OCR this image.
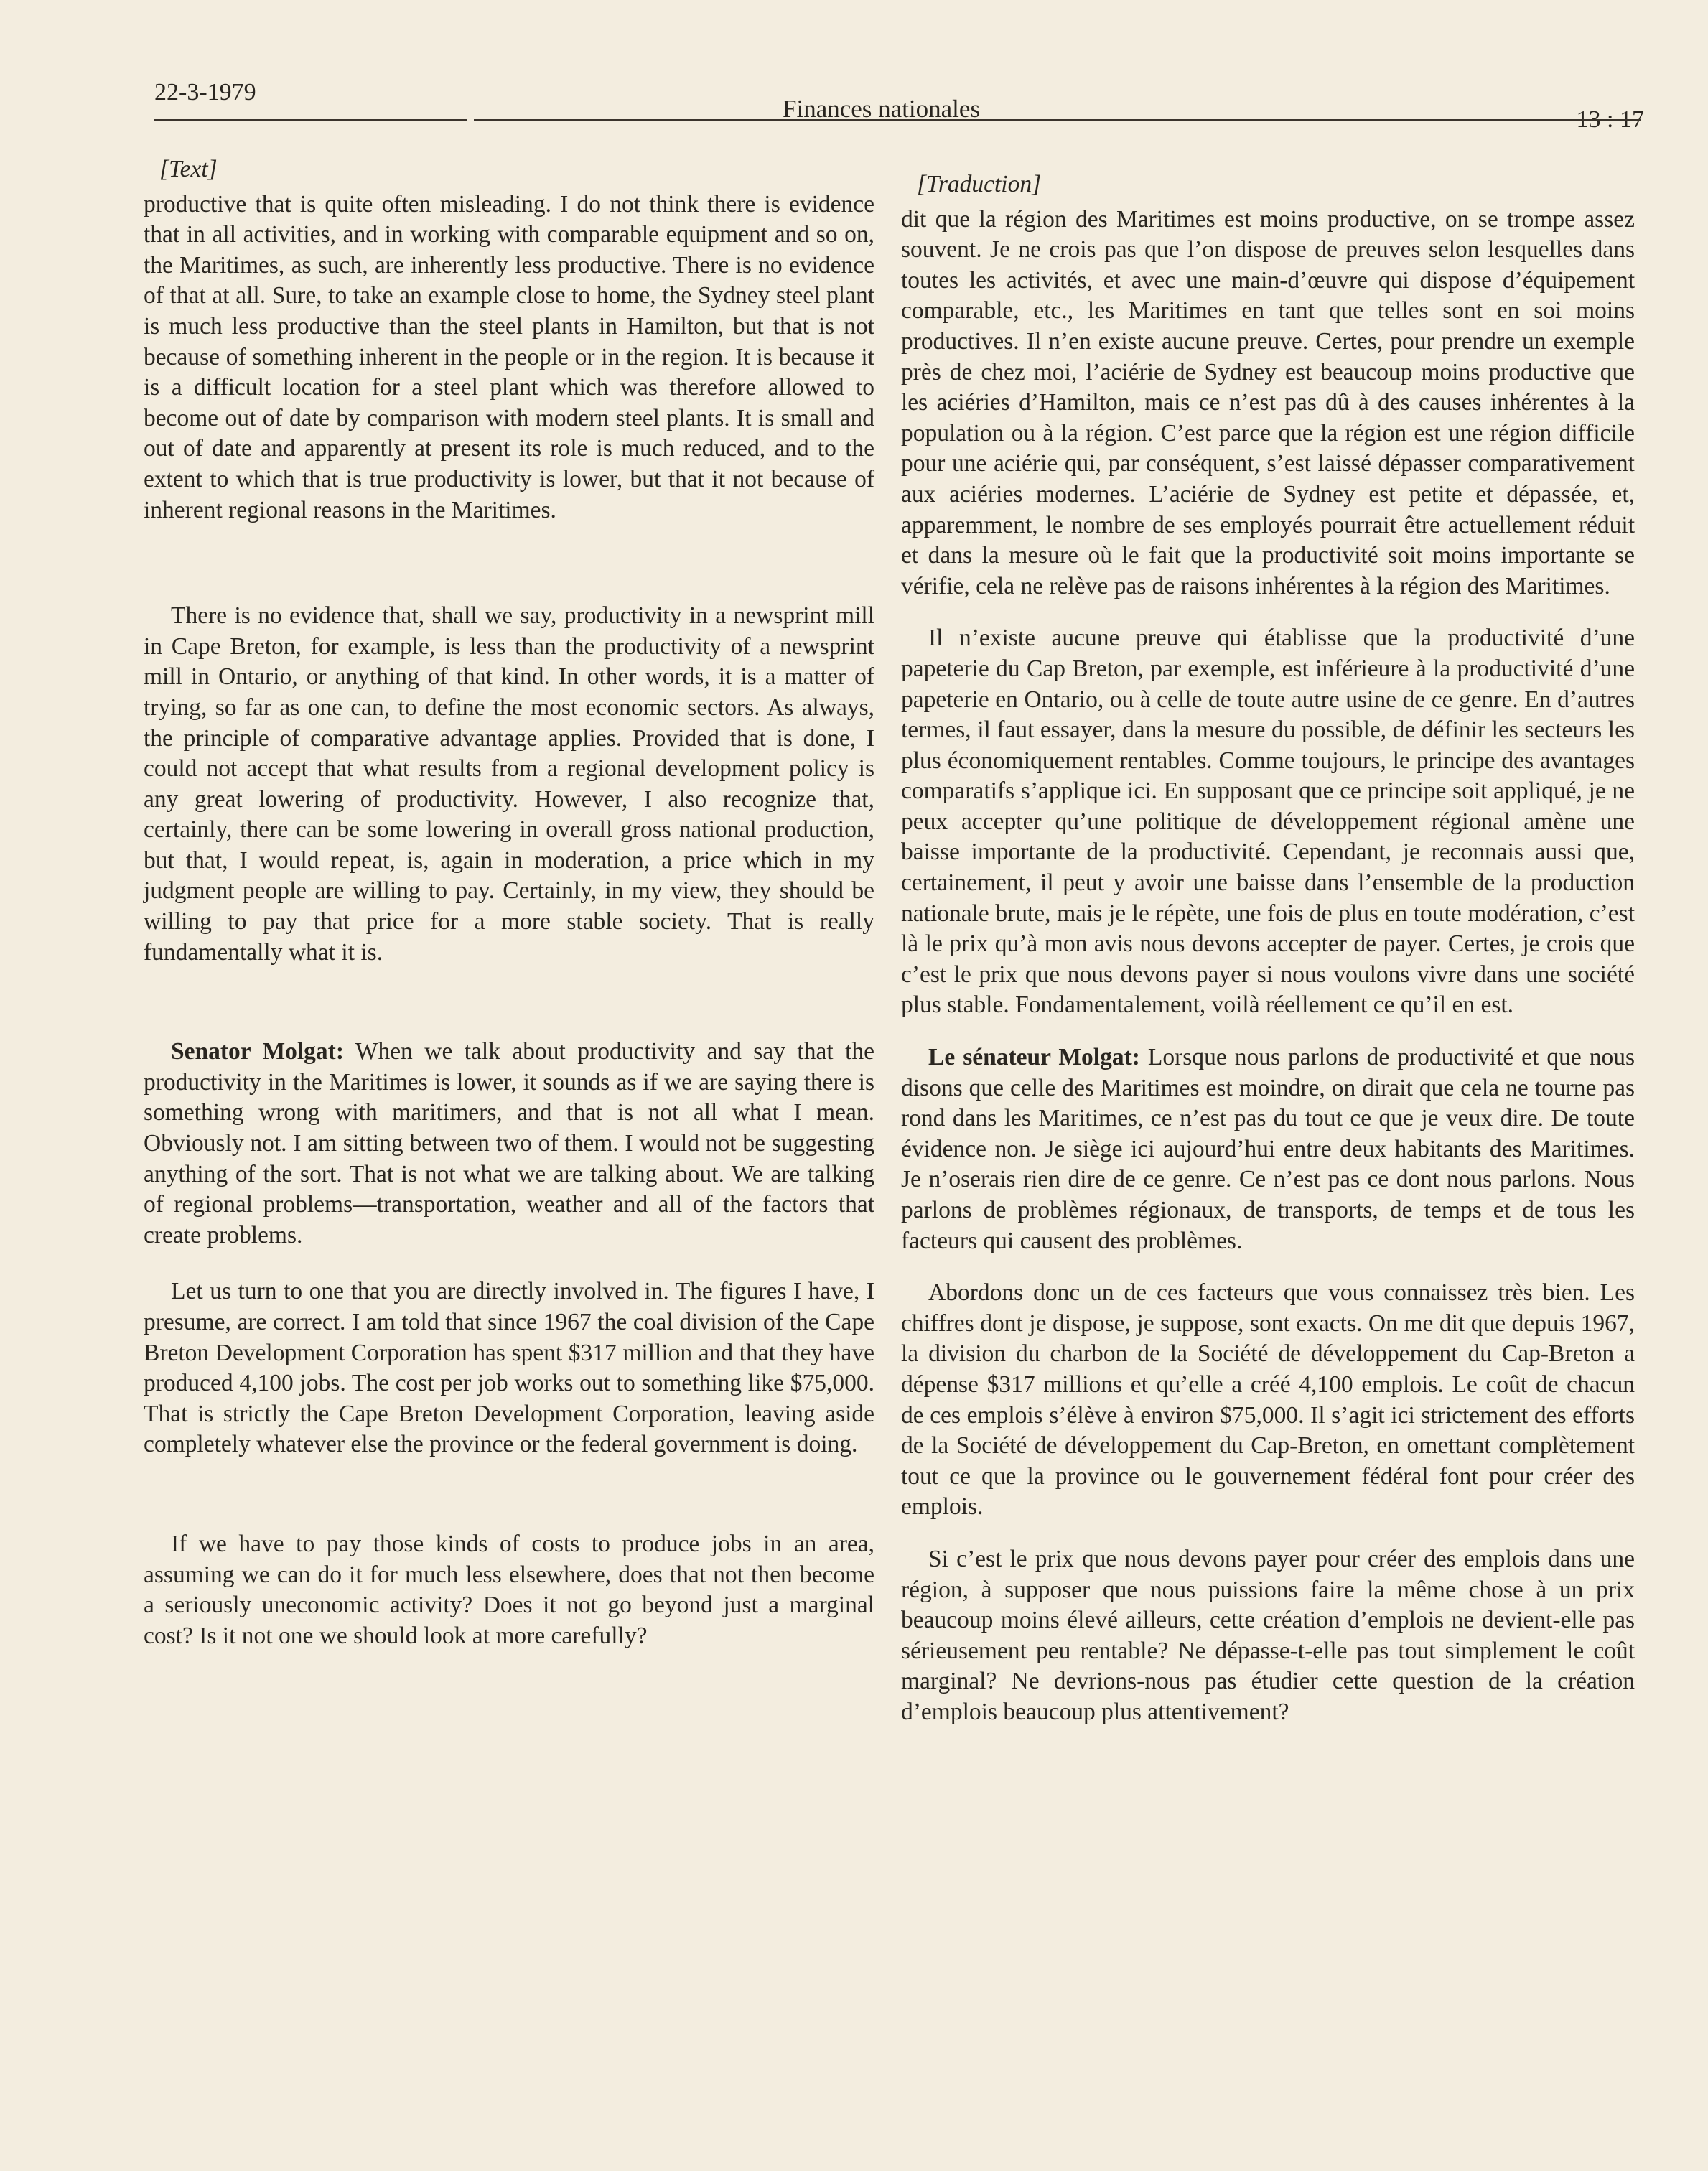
22-3-1979
Finances nationales	13 : 17
[Text]

productive that is quite often misleading. I do not think there is evidence that in all activities, and in working with comparable equipment and so on, the Maritimes, as such, are inherently less productive. There is no evidence of that at all. Sure, to take an example close to home, the Sydney steel plant is much less productive than the steel plants in Hamilton, but that is not because of something inherent in the people or in the region. It is because it is a difficult location for a steel plant which was therefore allowed to become out of date by comparison with modern steel plants. It is small and out of date and apparently at present its role is much reduced, and to the extent to which that is true productivity is lower, but that it not because of inherent regional reasons in the Maritimes.

There is no evidence that, shall we say, productivity in a newsprint mill in Cape Breton, for example, is less than the productivity of a newsprint mill in Ontario, or anything of that kind. In other words, it is a matter of trying, so far as one can, to define the most economic sectors. As always, the principle of comparative advantage applies. Provided that is done, I could not accept that what results from a regional development policy is any great lowering of productivity. However, I also recognize that, certainly, there can be some lowering in overall gross national production, but that, I would repeat, is, again in moderation, a price which in my judgment people are willing to pay. Certainly, in my view, they should be willing to pay that price for a more stable society. That is really fundamentally what it is.

Senator Molgat: When we talk about productivity and say that the productivity in the Maritimes is lower, it sounds as if we are saying there is something wrong with maritimers, and that is not all what I mean. Obviously not. I am sitting between two of them. I would not be suggesting anything of the sort. That is not what we are talking about. We are talking of regional problems—transportation, weather and all of the factors that create problems.

Let us turn to one that you are directly involved in. The figures I have, I presume, are correct. I am told that since 1967 the coal division of the Cape Breton Development Corporation has spent $317 million and that they have produced 4,100 jobs. The cost per job works out to something like $75,000. That is strictly the Cape Breton Development Corporation, leaving aside completely whatever else the province or the federal government is doing.

If we have to pay those kinds of costs to produce jobs in an area, assuming we can do it for much less elsewhere, does that not then become a seriously uneconomic activity? Does it not go beyond just a marginal cost? Is it not one we should look at more carefully?

[Traduction]

dit que la région des Maritimes est moins productive, on se trompe assez souvent. Je ne crois pas que l’on dispose de preuves selon lesquelles dans toutes les activités, et avec une main-d’œuvre qui dispose d’équipement comparable, etc., les Maritimes en tant que telles sont en soi moins productives. Il n’en existe aucune preuve. Certes, pour prendre un exemple près de chez moi, l’aciérie de Sydney est beaucoup moins productive que les aciéries d’Hamilton, mais ce n’est pas dû à des causes inhérentes à la population ou à la région. C’est parce que la région est une région difficile pour une aciérie qui, par conséquent, s’est laissé dépasser comparativement aux aciéries modernes. L’aciérie de Sydney est petite et dépassée, et, apparemment, le nombre de ses employés pourrait être actuellement réduit et dans la mesure où le fait que la productivité soit moins importante se vérifie, cela ne relève pas de raisons inhérentes à la région des Maritimes.

Il n’existe aucune preuve qui établisse que la productivité d’une papeterie du Cap Breton, par exemple, est inférieure à la productivité d’une papeterie en Ontario, ou à celle de toute autre usine de ce genre. En d’autres termes, il faut essayer, dans la mesure du possible, de définir les secteurs les plus économiquement rentables. Comme toujours, le principe des avantages comparatifs s’applique ici. En supposant que ce principe soit appliqué, je ne peux accepter qu’une politique de développement régional amène une baisse importante de la productivité. Cependant, je reconnais aussi que, certainement, il peut y avoir une baisse dans l’ensemble de la production nationale brute, mais je le répète, une fois de plus en toute modération, c’est là le prix qu’à mon avis nous devons accepter de payer. Certes, je crois que c’est le prix que nous devons payer si nous voulons vivre dans une société plus stable. Fondamentalement, voilà réellement ce qu’il en est.

Le sénateur Molgat: Lorsque nous parlons de productivité et que nous disons que celle des Maritimes est moindre, on dirait que cela ne tourne pas rond dans les Maritimes, ce n’est pas du tout ce que je veux dire. De toute évidence non. Je siège ici aujourd’hui entre deux habitants des Maritimes. Je n’oserais rien dire de ce genre. Ce n’est pas ce dont nous parlons. Nous parlons de problèmes régionaux, de transports, de temps et de tous les facteurs qui causent des problèmes.

Abordons donc un de ces facteurs que vous connaissez très bien. Les chiffres dont je dispose, je suppose, sont exacts. On me dit que depuis 1967, la division du charbon de la Société de développement du Cap-Breton a dépense $317 millions et qu’elle a créé 4,100 emplois. Le coût de chacun de ces emplois s’élève à environ $75,000. Il s’agit ici strictement des efforts de la Société de développement du Cap-Breton, en omettant complètement tout ce que la province ou le gouvernement fédéral font pour créer des emplois.

Si c’est le prix que nous devons payer pour créer des emplois dans une région, à supposer que nous puissions faire la même chose à un prix beaucoup moins élevé ailleurs, cette création d’emplois ne devient-elle pas sérieusement peu rentable? Ne dépasse-t-elle pas tout simplement le coût marginal? Ne devrions-nous pas étudier cette question de la création d’emplois beaucoup plus attentivement?
